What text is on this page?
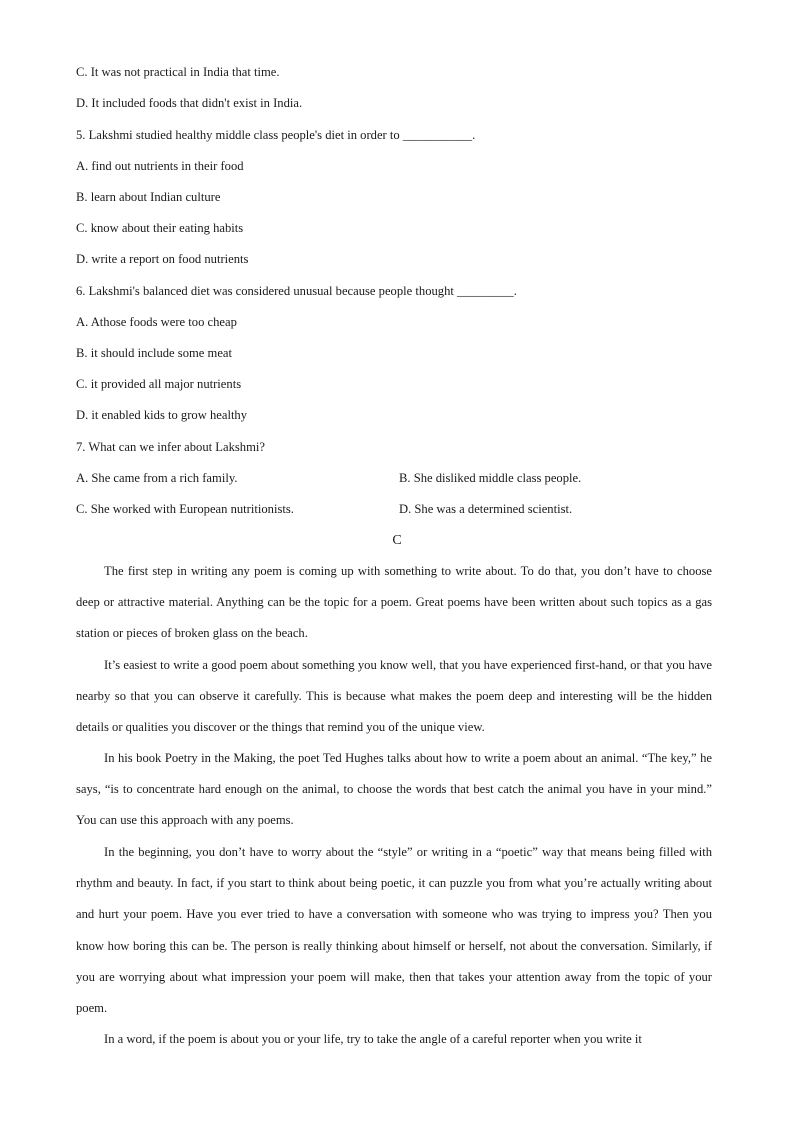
C. It was not practical in India that time.
D. It included foods that didn't exist in India.
5. Lakshmi studied healthy middle class people's diet in order to ___________.
A. find out nutrients in their food
B. learn about Indian culture
C. know about their eating habits
D. write a report on food nutrients
6. Lakshmi's balanced diet was considered unusual because people thought _________.
A. Athose foods were too cheap
B. it should include some meat
C. it provided all major nutrients
D. it enabled kids to grow healthy
7. What can we infer about Lakshmi?
A. She came from a rich family.	B. She disliked middle class people.
C. She worked with European nutritionists.	D. She was a determined scientist.
C

The first step in writing any poem is coming up with something to write about. To do that, you don’t have to choose deep or attractive material. Anything can be the topic for a poem. Great poems have been written about such topics as a gas station or pieces of broken glass on the beach.

It’s easiest to write a good poem about something you know well, that you have experienced first-hand, or that you have nearby so that you can observe it carefully. This is because what makes the poem deep and interesting will be the hidden details or qualities you discover or the things that remind you of the unique view.

In his book Poetry in the Making, the poet Ted Hughes talks about how to write a poem about an animal. “The key,” he says, “is to concentrate hard enough on the animal, to choose the words that best catch the animal you have in your mind.” You can use this approach with any poems.

In the beginning, you don’t have to worry about the “style” or writing in a “poetic” way that means being filled with rhythm and beauty. In fact, if you start to think about being poetic, it can puzzle you from what you’re actually writing about and hurt your poem. Have you ever tried to have a conversation with someone who was trying to impress you? Then you know how boring this can be. The person is really thinking about himself or herself, not about the conversation. Similarly, if you are worrying about what impression your poem will make, then that takes your attention away from the topic of your poem.

In a word, if the poem is about you or your life, try to take the angle of a careful reporter when you write it
